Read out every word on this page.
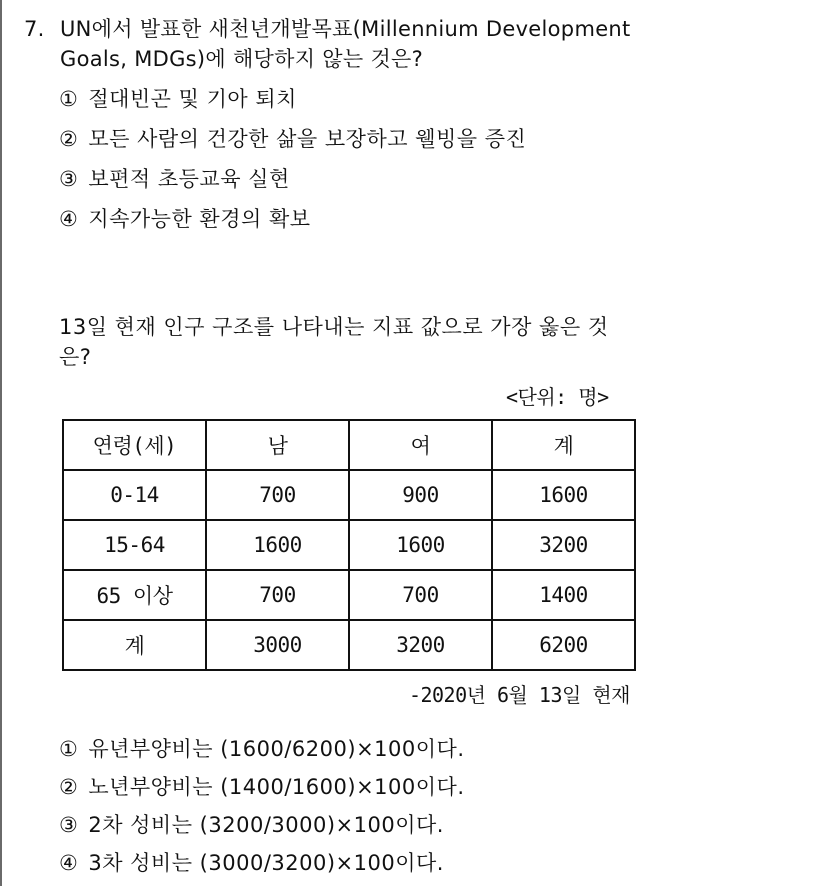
7. UN에서 발표한 새천년개발목표(Millennium Development
Goals, MDGs)에 해당하지 않는 것은?
① 절대빈곤 및 기아 퇴치
② 모든 사람의 건강한 삶을 보장하고 웰빙을 증진
③ 보편적 초등교육 실현
④ 지속가능한 환경의 확보
13일 현재 인구 구조를 나타내는 지표 값으로 가장 옳은 것
은?
<단위: 명>
연령(세)	남	여	계
0-14	700	900	1600
15-64	1600	1600	3200
65 이상	700	700	1400
계	3000	3200	6200
-2020년 6월 13일 현재
① 유년부양비는 (1600/6200)×100이다.
② 노년부양비는 (1400/1600)×100이다.
③ 2차 성비는 (3200/3000)×100이다.
④ 3차 성비는 (3000/3200)×100이다.
